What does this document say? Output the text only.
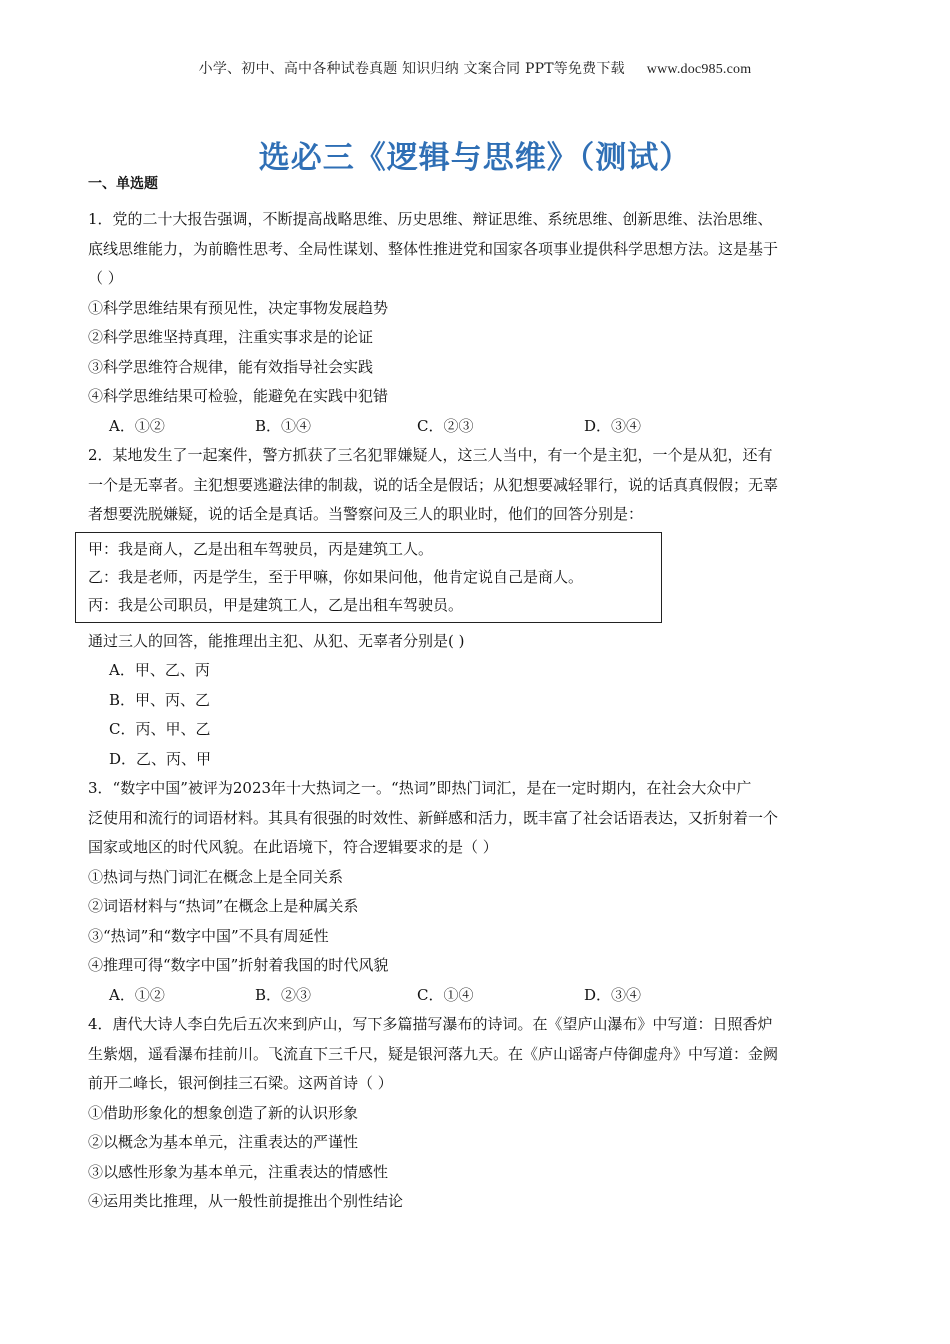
小学、初中、高中各种试卷真题 知识归纳 文案合同 PPT等免费下载 www.doc985.com
选必三《逻辑与思维》（测试）
一、单选题
1．党的二十大报告强调，不断提高战略思维、历史思维、辩证思维、系统思维、创新思维、法治思维、
底线思维能力，为前瞻性思考、全局性谋划、整体性推进党和国家各项事业提供科学思想方法。这是基于
（ ）
①科学思维结果有预见性，决定事物发展趋势
②科学思维坚持真理，注重实事求是的论证
③科学思维符合规律，能有效指导社会实践
④科学思维结果可检验，能避免在实践中犯错
A．①②	B．①④	C．②③	D．③④
2．某地发生了一起案件，警方抓获了三名犯罪嫌疑人，这三人当中，有一个是主犯，一个是从犯，还有
一个是无辜者。主犯想要逃避法律的制裁，说的话全是假话；从犯想要减轻罪行，说的话真真假假；无辜
者想要洗脱嫌疑，说的话全是真话。当警察问及三人的职业时，他们的回答分别是：
甲：我是商人，乙是出租车驾驶员，丙是建筑工人。
乙：我是老师，丙是学生，至于甲嘛，你如果问他，他肯定说自己是商人。
丙：我是公司职员，甲是建筑工人，乙是出租车驾驶员。
通过三人的回答，能推理出主犯、从犯、无辜者分别是( )
A．甲、乙、丙
B．甲、丙、乙
C．丙、甲、乙
D．乙、丙、甲
3．“数字中国”被评为2023年十大热词之一。“热词”即热门词汇，是在一定时期内，在社会大众中广
泛使用和流行的词语材料。其具有很强的时效性、新鲜感和活力，既丰富了社会话语表达，又折射着一个
国家或地区的时代风貌。在此语境下，符合逻辑要求的是（ ）
①热词与热门词汇在概念上是全同关系
②词语材料与“热词”在概念上是种属关系
③“热词”和“数字中国”不具有周延性
④推理可得“数字中国”折射着我国的时代风貌
A．①②	B．②③	C．①④	D．③④
4．唐代大诗人李白先后五次来到庐山，写下多篇描写瀑布的诗词。在《望庐山瀑布》中写道：日照香炉
生紫烟，遥看瀑布挂前川。飞流直下三千尺，疑是银河落九天。在《庐山谣寄卢侍御虚舟》中写道：金阙
前开二峰长，银河倒挂三石梁。这两首诗（ ）
①借助形象化的想象创造了新的认识形象
②以概念为基本单元，注重表达的严谨性
③以感性形象为基本单元，注重表达的情感性
④运用类比推理，从一般性前提推出个别性结论
